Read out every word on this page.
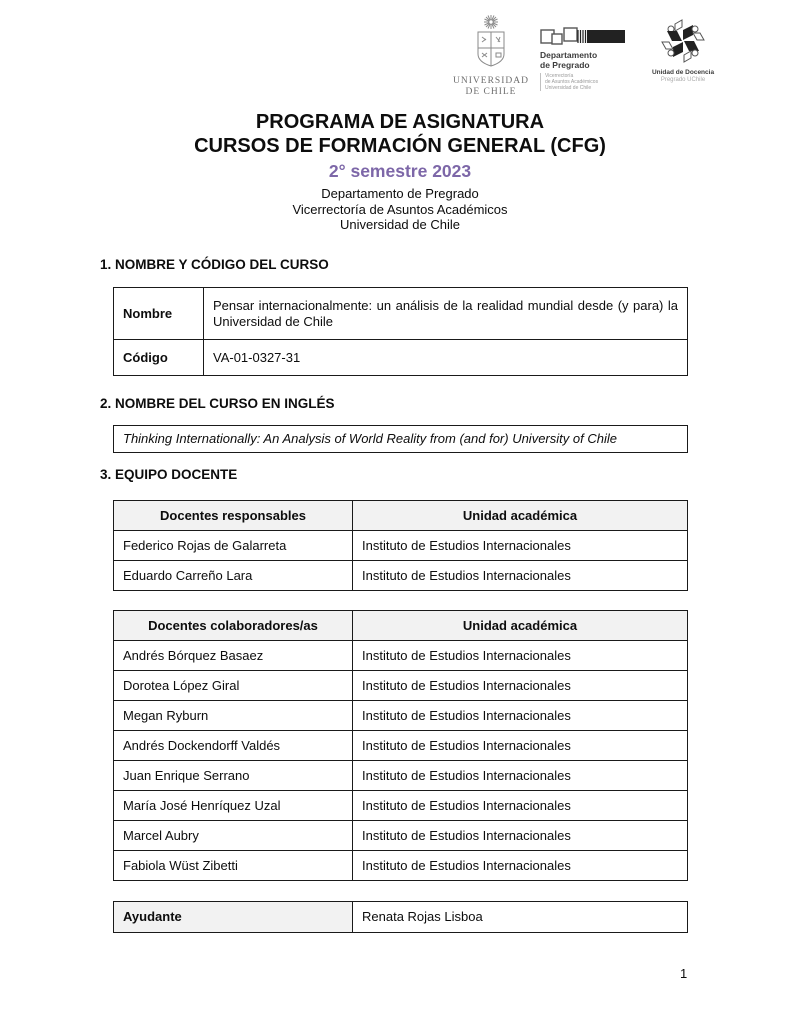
UNIVERSIDAD
DE CHILE
Departamento
de Pregrado
Vicerrectoría
de Asuntos Académicos
Universidad de Chile
Unidad de Docencia
Pregrado UChile
PROGRAMA DE ASIGNATURA
CURSOS DE FORMACIÓN GENERAL (CFG)
2° semestre 2023
Departamento de Pregrado
Vicerrectoría de Asuntos Académicos
Universidad de Chile
1. NOMBRE Y CÓDIGO DEL CURSO
Nombre	Pensar internacionalmente: un análisis de la realidad mundial desde (y para) la Universidad de Chile
Código	VA-01-0327-31
2. NOMBRE DEL CURSO EN INGLÉS
Thinking Internationally: An Analysis of World Reality from (and for) University of Chile
3. EQUIPO DOCENTE
Docentes responsables	Unidad académica
Federico Rojas de Galarreta	Instituto de Estudios Internacionales
Eduardo Carreño Lara	Instituto de Estudios Internacionales
Docentes colaboradores/as	Unidad académica
Andrés Bórquez Basaez	Instituto de Estudios Internacionales
Dorotea López Giral	Instituto de Estudios Internacionales
Megan Ryburn	Instituto de Estudios Internacionales
Andrés Dockendorff Valdés	Instituto de Estudios Internacionales
Juan Enrique Serrano	Instituto de Estudios Internacionales
María José Henríquez Uzal	Instituto de Estudios Internacionales
Marcel Aubry	Instituto de Estudios Internacionales
Fabiola Wüst Zibetti	Instituto de Estudios Internacionales
Ayudante	Renata Rojas Lisboa
1
